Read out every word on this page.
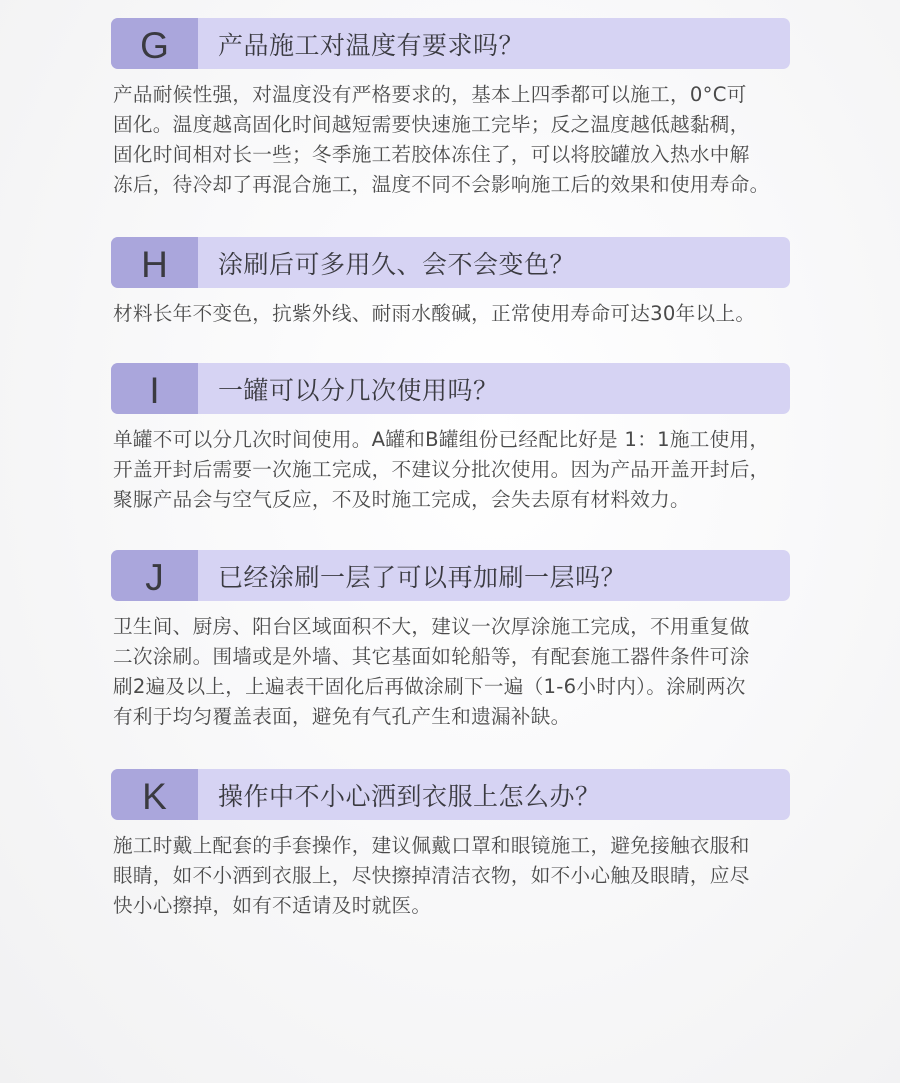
G	产品施工对温度有要求吗？

产品耐候性强，对温度没有严格要求的，基本上四季都可以施工，0°C可
固化。温度越高固化时间越短需要快速施工完毕；反之温度越低越黏稠，
固化时间相对长一些；冬季施工若胶体冻住了，可以将胶罐放入热水中解
冻后，待冷却了再混合施工，温度不同不会影响施工后的效果和使用寿命。

H	涂刷后可多用久、会不会变色？

材料长年不变色，抗紫外线、耐雨水酸碱，正常使用寿命可达30年以上。

I	一罐可以分几次使用吗？

单罐不可以分几次时间使用。A罐和B罐组份已经配比好是 1：1施工使用，
开盖开封后需要一次施工完成，不建议分批次使用。因为产品开盖开封后，
聚脲产品会与空气反应，不及时施工完成，会失去原有材料效力。

J	已经涂刷一层了可以再加刷一层吗？

卫生间、厨房、阳台区域面积不大，建议一次厚涂施工完成，不用重复做
二次涂刷。围墙或是外墙、其它基面如轮船等，有配套施工器件条件可涂
刷2遍及以上，上遍表干固化后再做涂刷下一遍（1-6小时内）。涂刷两次
有利于均匀覆盖表面，避免有气孔产生和遗漏补缺。

K	操作中不小心洒到衣服上怎么办？

施工时戴上配套的手套操作，建议佩戴口罩和眼镜施工，避免接触衣服和
眼睛，如不小洒到衣服上，尽快擦掉清洁衣物，如不小心触及眼睛，应尽
快小心擦掉，如有不适请及时就医。
